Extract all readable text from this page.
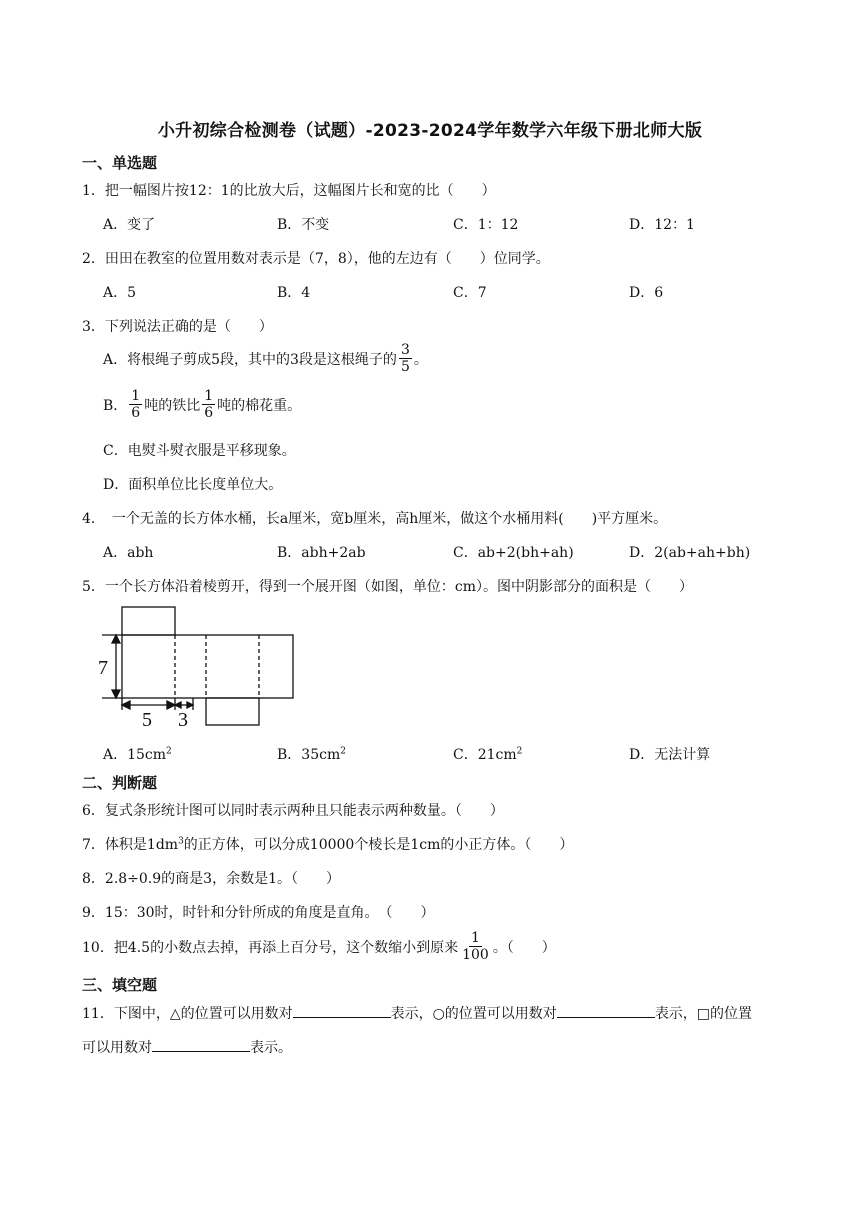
小升初综合检测卷（试题）-2023-2024学年数学六年级下册北师大版
一、单选题
1．把一幅图片按12：1的比放大后，这幅图片长和宽的比（　　）
A．变了	B．不变	C．1：12	D．12：1
2．田田在教室的位置用数对表示是（7，8），他的左边有（　　）位同学。
A．5	B．4	C．7	D．6
3．下列说法正确的是（　　）
A．将根绳子剪成5段，其中的3段是这根绳子的 $\frac{3}{5}$ 。
B． $\frac{1}{6}$ 吨的铁比 $\frac{1}{6}$ 吨的棉花重。
C．电熨斗熨衣服是平移现象。
D．面积单位比长度单位大。
4．　一个无盖的长方体水桶，长a厘米，宽b厘米，高h厘米，做这个水桶用料(　　)平方厘米。
A．abh	B．abh+2ab	C．ab+2(bh+ah)	D．2(ab+ah+bh)
5．一个长方体沿着棱剪开，得到一个展开图（如图，单位：cm）。图中阴影部分的面积是（　　）
7
5 3
A．$15cm^2$	B．$35cm^2$	C．$21cm^2$	D．无法计算
二、判断题
6．复式条形统计图可以同时表示两种且只能表示两种数量。（　　）
7．体积是$1dm^3$的正方体，可以分成10000个棱长是1cm的小正方体。（　　）
8．2.8÷0.9的商是3，余数是1。（　　）
9．15：30时，时针和分针所成的角度是直角。　（　　）
10．把4.5的小数点去掉，再添上百分号，这个数缩小到原来 $\frac{1}{100}$ 。（　　）
三、填空题
11．下图中，△的位置可以用数对	表示，○的位置可以用数对	表示，□的位置
可以用数对	表示。
